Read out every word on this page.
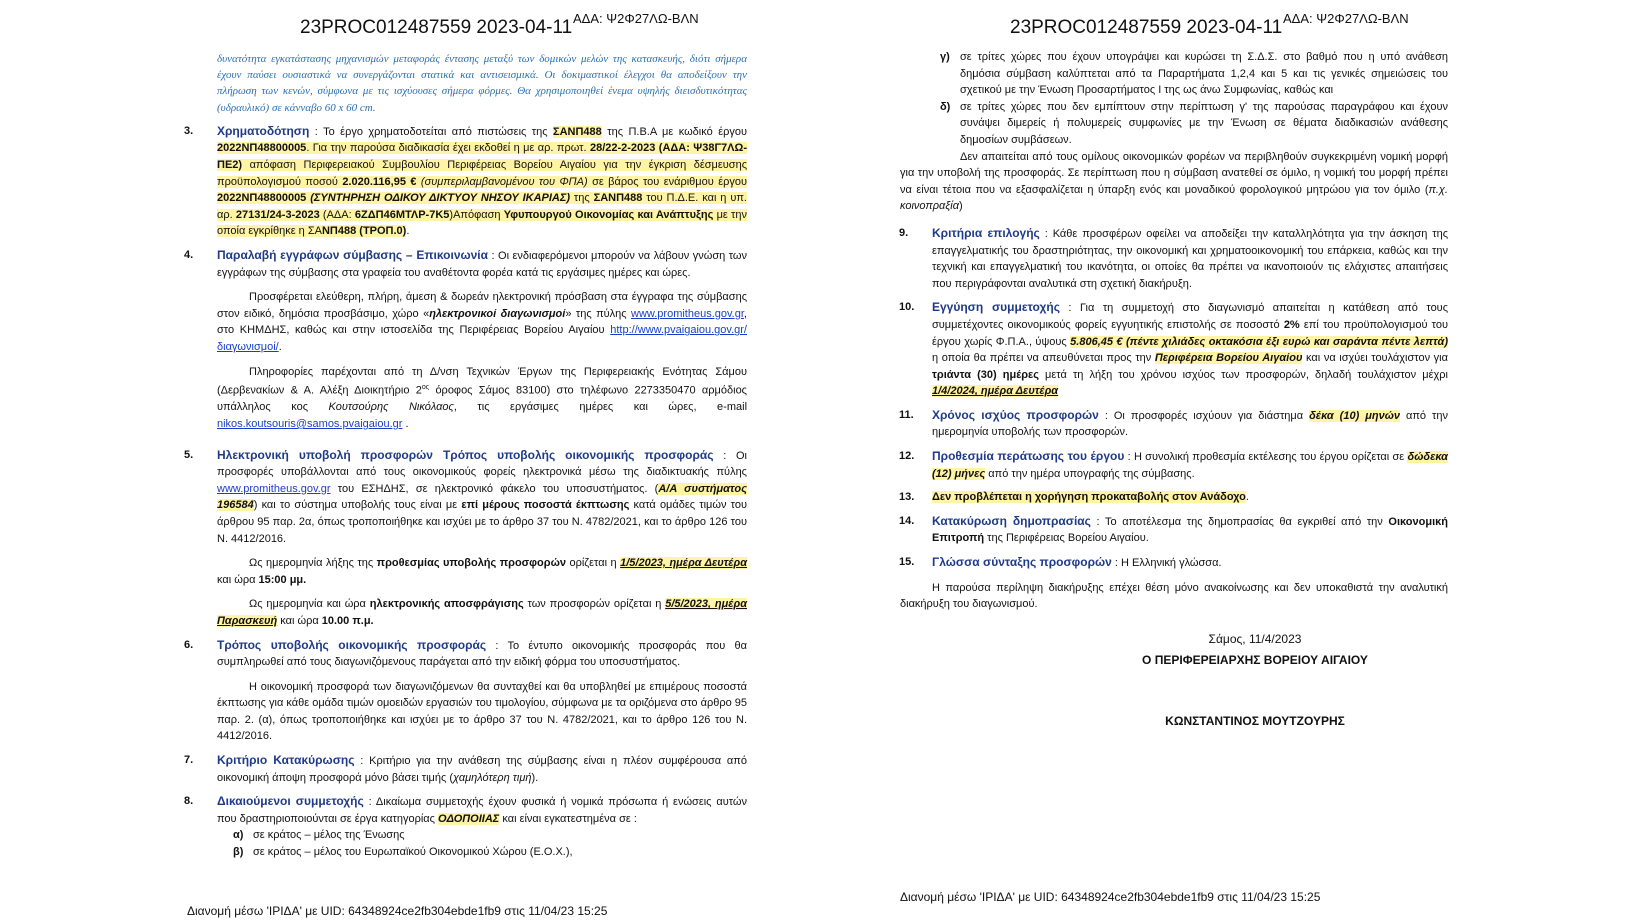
23PROC012487559 2023-04-11 ΑΔΑ: Ψ2Φ27ΛΩ-ΒΛΝ
δυνατότητα εγκατάστασης μηχανισμών μεταφοράς έντασης μεταξύ των δομικών μελών της κατασκευής, διότι σήμερα έχουν παύσει ουσιαστικά να συνεργάζονται στατικά και αντισεισμικά. Οι δοκιμαστικοί έλεγχοι θα αποδείξουν την πλήρωση των κενών, σύμφωνα με τις ισχύουσες σήμερα φόρμες. Θα χρησιμοποιηθεί ένεμα υψηλής διεισδυτικότητας (υδραυλικό) σε κάνναβο 60 x 60 cm.
3. Χρηματοδότηση : Το έργο χρηματοδοτείται από πιστώσεις της ΣΑΝΠ488 της Π.Β.Α με κωδικό έργου 2022ΝΠ48800005. Για την παρούσα διαδικασία έχει εκδοθεί η με αρ. πρωτ. 28/22-2-2023 (ΑΔΑ: Ψ38Γ7ΛΩ-ΠΕ2) απόφαση Περιφερειακού Συμβουλίου Περιφέρειας Βορείου Αιγαίου για την έγκριση δέσμευσης προϋπολογισμού ποσού 2.020.116,95 € (συμπεριλαμβανομένου του ΦΠΑ) σε βάρος του ενάριθμου έργου 2022ΝΠ48800005 (ΣΥΝΤΗΡΗΣΗ ΟΔΙΚΟΥ ΔΙΚΤΥΟΥ ΝΗΣΟΥ ΙΚΑΡΙΑΣ) της ΣΑΝΠ488 του Π.Δ.Ε. και η υπ. αρ. 27131/24-3-2023 (ΑΔΑ: 6ΖΔΠ46ΜΤΛΡ-7Κ5)Απόφαση Υφυπουργού Οικονομίας και Ανάπτυξης με την οποία εγκρίθηκε η ΣΑΝΠ488 (ΤΡΟΠ.0).
4. Παραλαβή εγγράφων σύμβασης – Επικοινωνία : Οι ενδιαφερόμενοι μπορούν να λάβουν γνώση των εγγράφων της σύμβασης στα γραφεία του αναθέτοντα φορέα κατά τις εργάσιμες ημέρες και ώρες.
Προσφέρεται ελεύθερη, πλήρη, άμεση & δωρεάν ηλεκτρονική πρόσβαση στα έγγραφα της σύμβασης στον ειδικό, δημόσια προσβάσιμο, χώρο «ηλεκτρονικοί διαγωνισμοί» της πύλης www.promitheus.gov.gr, στο ΚΗΜΔΗΣ, καθώς και στην ιστοσελίδα της Περιφέρειας Βορείου Αιγαίου http://www.pvaigaiou.gov.gr/διαγωνισμοί/.
Πληροφορίες παρέχονται από τη Δ/νση Τεχνικών Έργων της Περιφερειακής Ενότητας Σάμου (Δερβενακίων & Α. Αλέξη Διοικητήριο $2^{o\varsigma}$ όροφος Σάμος 83100) στο τηλέφωνο 2273350470 αρμόδιος υπάλληλος κος Κουτσούρης Νικόλαος, τις εργάσιμες ημέρες και ώρες, e-mail nikos.koutsouris@samos.pvaigaiou.gr .
5. Ηλεκτρονική υποβολή προσφορών Τρόπος υποβολής οικονομικής προσφοράς : Οι προσφορές υποβάλλονται από τους οικονομικούς φορείς ηλεκτρονικά μέσω της διαδικτυακής πύλης www.promitheus.gov.gr του ΕΣΗΔΗΣ, σε ηλεκτρονικό φάκελο του υποσυστήματος. (Α/Α συστήματος 196584) και το σύστημα υποβολής τους είναι με επί μέρους ποσοστά έκπτωσης κατά ομάδες τιμών του άρθρου 95 παρ. 2α, όπως τροποποιήθηκε και ισχύει με το άρθρο 37 του Ν. 4782/2021, και το άρθρο 126 του Ν. 4412/2016.
Ως ημερομηνία λήξης της προθεσμίας υποβολής προσφορών ορίζεται η 1/5/2023, ημέρα Δευτέρα και ώρα 15:00 μμ.
Ως ημερομηνία και ώρα ηλεκτρονικής αποσφράγισης των προσφορών ορίζεται η 5/5/2023, ημέρα Παρασκευή και ώρα 10.00 π.μ.
6. Τρόπος υποβολής οικονομικής προσφοράς : Το έντυπο οικονομικής προσφοράς που θα συμπληρωθεί από τους διαγωνιζόμενους παράγεται από την ειδική φόρμα του υποσυστήματος.
Η οικονομική προσφορά των διαγωνιζόμενων θα συνταχθεί και θα υποβληθεί με επιμέρους ποσοστά έκπτωσης για κάθε ομάδα τιμών ομοειδών εργασιών του τιμολογίου, σύμφωνα με τα οριζόμενα στο άρθρο 95 παρ. 2. (α), όπως τροποποιήθηκε και ισχύει με το άρθρο 37 του Ν. 4782/2021, και το άρθρο 126 του Ν. 4412/2016.
7. Κριτήριο Κατακύρωσης : Κριτήριο για την ανάθεση της σύμβασης είναι η πλέον συμφέρουσα από οικονομική άποψη προσφορά μόνο βάσει τιμής (χαμηλότερη τιμή).
8. Δικαιούμενοι συμμετοχής : Δικαίωμα συμμετοχής έχουν φυσικά ή νομικά πρόσωπα ή ενώσεις αυτών που δραστηριοποιούνται σε έργα κατηγορίας ΟΔΟΠΟΙΙΑΣ και είναι εγκατεστημένα σε :
α) σε κράτος – μέλος της Ένωσης
β) σε κράτος – μέλος του Ευρωπαϊκού Οικονομικού Χώρου (Ε.Ο.Χ.),
Διανομή μέσω 'ΙΡΙΔΑ' με UID: 64348924ce2fb304ebde1fb9 στις 11/04/23 15:25
23PROC012487559 2023-04-11 ΑΔΑ: Ψ2Φ27ΛΩ-ΒΛΝ
γ) σε τρίτες χώρες που έχουν υπογράψει και κυρώσει τη Σ.Δ.Σ. στο βαθμό που η υπό ανάθεση δημόσια σύμβαση καλύπτεται από τα Παραρτήματα 1,2,4 και 5 και τις γενικές σημειώσεις του σχετικού με την Ένωση Προσαρτήματος Ι της ως άνω Συμφωνίας, καθώς και
δ) σε τρίτες χώρες που δεν εμπίπτουν στην περίπτωση γ' της παρούσας παραγράφου και έχουν συνάψει διμερείς ή πολυμερείς συμφωνίες με την Ένωση σε θέματα διαδικασιών ανάθεσης δημοσίων συμβάσεων.
Δεν απαιτείται από τους ομίλους οικονομικών φορέων να περιβληθούν συγκεκριμένη νομική μορφή για την υποβολή της προσφοράς. Σε περίπτωση που η σύμβαση ανατεθεί σε όμιλο, η νομική του μορφή πρέπει να είναι τέτοια που να εξασφαλίζεται η ύπαρξη ενός και μοναδικού φορολογικού μητρώου για τον όμιλο (π.χ. κοινοπραξία)
9. Κριτήρια επιλογής : Κάθε προσφέρων οφείλει να αποδείξει την καταλληλότητα για την άσκηση της επαγγελματικής του δραστηριότητας, την οικονομική και χρηματοοικονομική του επάρκεια, καθώς και την τεχνική και επαγγελματική του ικανότητα, οι οποίες θα πρέπει να ικανοποιούν τις ελάχιστες απαιτήσεις που περιγράφονται αναλυτικά στη σχετική διακήρυξη.
10. Εγγύηση συμμετοχής : Για τη συμμετοχή στο διαγωνισμό απαιτείται η κατάθεση από τους συμμετέχοντες οικονομικούς φορείς εγγυητικής επιστολής σε ποσοστό 2% επί του προϋπολογισμού του έργου χωρίς Φ.Π.Α., ύψους 5.806,45 € (πέντε χιλιάδες οκτακόσια έξι ευρώ και σαράντα πέντε λεπτά) η οποία θα πρέπει να απευθύνεται προς την Περιφέρεια Βορείου Αιγαίου και να ισχύει τουλάχιστον για τριάντα (30) ημέρες μετά τη λήξη του χρόνου ισχύος των προσφορών, δηλαδή τουλάχιστον μέχρι 1/4/2024, ημέρα Δευτέρα
11. Χρόνος ισχύος προσφορών : Οι προσφορές ισχύουν για διάστημα δέκα (10) μηνών από την ημερομηνία υποβολής των προσφορών.
12. Προθεσμία περάτωσης του έργου : Η συνολική προθεσμία εκτέλεσης του έργου ορίζεται σε δώδεκα (12) μήνες από την ημέρα υπογραφής της σύμβασης.
13. Δεν προβλέπεται η χορήγηση προκαταβολής στον Ανάδοχο.
14. Κατακύρωση δημοπρασίας : Το αποτέλεσμα της δημοπρασίας θα εγκριθεί από την Οικονομική Επιτροπή της Περιφέρειας Βορείου Αιγαίου.
15. Γλώσσα σύνταξης προσφορών : Η Ελληνική γλώσσα.
Η παρούσα περίληψη διακήρυξης επέχει θέση μόνο ανακοίνωσης και δεν υποκαθιστά την αναλυτική διακήρυξη του διαγωνισμού.
Σάμος, 11/4/2023
Ο ΠΕΡΙΦΕΡΕΙΑΡΧΗΣ ΒΟΡΕΙΟΥ ΑΙΓΑΙΟΥ
ΚΩΝΣΤΑΝΤΙΝΟΣ ΜΟΥΤΖΟΥΡΗΣ
Διανομή μέσω 'ΙΡΙΔΑ' με UID: 64348924ce2fb304ebde1fb9 στις 11/04/23 15:25
